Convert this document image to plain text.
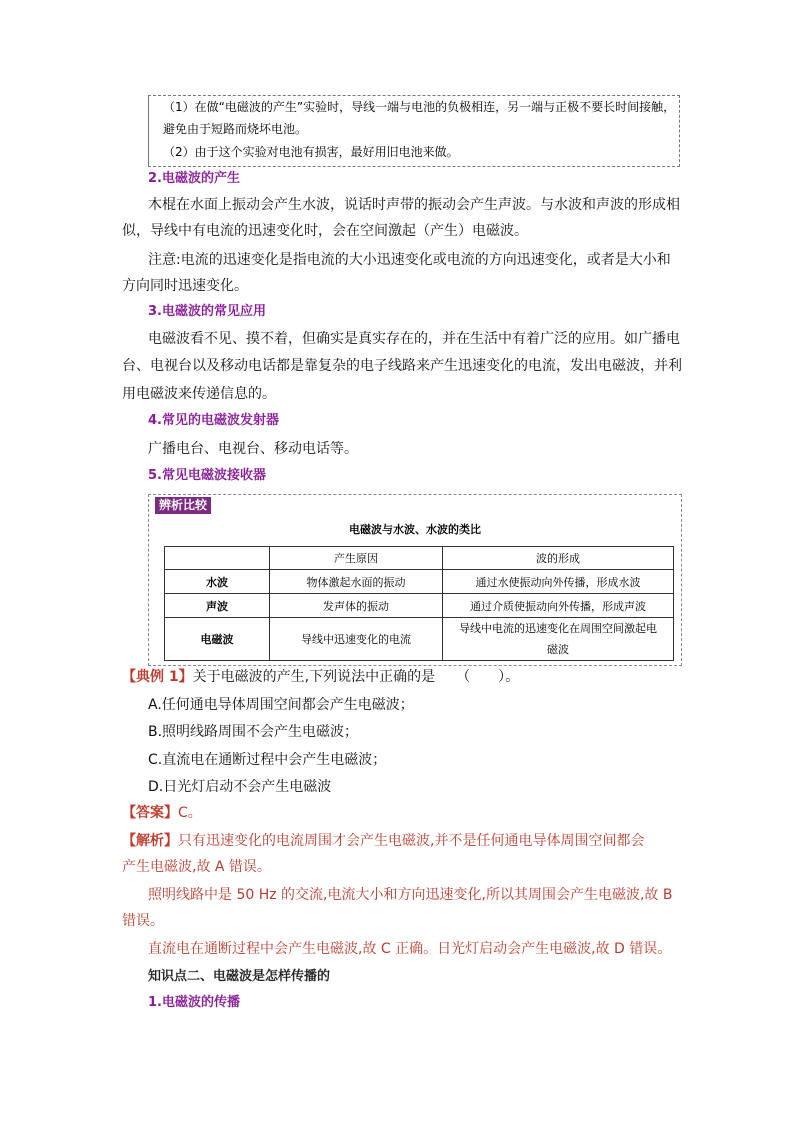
（1）在做“电磁波的产生”实验时，导线一端与电池的负极相连，另一端与正极不要长时间接触，
避免由于短路而烧坏电池。
（2）由于这个实验对电池有损害，最好用旧电池来做。
2.电磁波的产生
木棍在水面上振动会产生水波，说话时声带的振动会产生声波。与水波和声波的形成相
似，导线中有电流的迅速变化时，会在空间激起（产生）电磁波。
注意:电流的迅速变化是指电流的大小迅速变化或电流的方向迅速变化，或者是大小和
方向同时迅速变化。
3.电磁波的常见应用
电磁波看不见、摸不着，但确实是真实存在的，并在生活中有着广泛的应用。如广播电
台、电视台以及移动电话都是靠复杂的电子线路来产生迅速变化的电流，发出电磁波，并利
用电磁波来传递信息的。
4.常见的电磁波发射器
广播电台、电视台、移动电话等。
5.常见电磁波接收器
辨析比较
电磁波与水波、水波的类比
	产生原因	波的形成
水波	物体激起水面的振动	通过水使振动向外传播，形成水波
声波	发声体的振动	通过介质使振动向外传播，形成声波
电磁波	导线中迅速变化的电流	导线中电流的迅速变化在周围空间激起电
磁波
【典例 1】关于电磁波的产生,下列说法中正确的是　　（　　）。
A.任何通电导体周围空间都会产生电磁波；
B.照明线路周围不会产生电磁波；
C.直流电在通断过程中会产生电磁波；
D.日光灯启动不会产生电磁波
【答案】C。
【解析】只有迅速变化的电流周围才会产生电磁波,并不是任何通电导体周围空间都会
产生电磁波,故 A 错误。
照明线路中是 50 Hz 的交流,电流大小和方向迅速变化,所以其周围会产生电磁波,故 B
错误。
直流电在通断过程中会产生电磁波,故 C 正确。日光灯启动会产生电磁波,故 D 错误。
知识点二、电磁波是怎样传播的
1.电磁波的传播
